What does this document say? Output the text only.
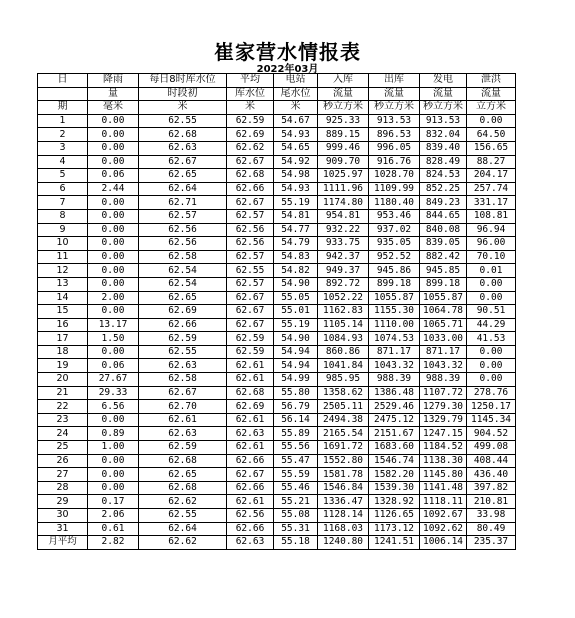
崔家营水情报表
2022年03月
日	降雨	每日8时库水位	平均	电站	入库	出库	发电	泄洪
	量	时段初	库水位	尾水位	流量	流量	流量	流量
期	毫米	米	米	米	秒立方米	秒立方米	秒立方米	立方米
1	0.00	62.55	62.59	54.67	925.33	913.53	913.53	0.00
2	0.00	62.68	62.69	54.93	889.15	896.53	832.04	64.50
3	0.00	62.63	62.62	54.65	999.46	996.05	839.40	156.65
4	0.00	62.67	62.67	54.92	909.70	916.76	828.49	88.27
5	0.06	62.65	62.68	54.98	1025.97	1028.70	824.53	204.17
6	2.44	62.64	62.66	54.93	1111.96	1109.99	852.25	257.74
7	0.00	62.71	62.67	55.19	1174.80	1180.40	849.23	331.17
8	0.00	62.57	62.57	54.81	954.81	953.46	844.65	108.81
9	0.00	62.56	62.56	54.77	932.22	937.02	840.08	96.94
10	0.00	62.56	62.56	54.79	933.75	935.05	839.05	96.00
11	0.00	62.58	62.57	54.83	942.37	952.52	882.42	70.10
12	0.00	62.54	62.55	54.82	949.37	945.86	945.85	0.01
13	0.00	62.54	62.57	54.90	892.72	899.18	899.18	0.00
14	2.00	62.65	62.67	55.05	1052.22	1055.87	1055.87	0.00
15	0.00	62.69	62.67	55.01	1162.83	1155.30	1064.78	90.51
16	13.17	62.66	62.67	55.19	1105.14	1110.00	1065.71	44.29
17	1.50	62.59	62.59	54.90	1084.93	1074.53	1033.00	41.53
18	0.00	62.55	62.59	54.94	860.86	871.17	871.17	0.00
19	0.06	62.63	62.61	54.94	1041.84	1043.32	1043.32	0.00
20	27.67	62.58	62.61	54.99	985.95	988.39	988.39	0.00
21	29.33	62.67	62.68	55.80	1358.62	1386.48	1107.72	278.76
22	6.56	62.70	62.69	56.79	2505.11	2529.46	1279.30	1250.17
23	0.00	62.61	62.61	56.14	2494.38	2475.12	1329.79	1145.34
24	0.89	62.63	62.63	55.89	2165.54	2151.67	1247.15	904.52
25	1.00	62.59	62.61	55.56	1691.72	1683.60	1184.52	499.08
26	0.00	62.68	62.66	55.47	1552.80	1546.74	1138.30	408.44
27	0.00	62.65	62.67	55.59	1581.78	1582.20	1145.80	436.40
28	0.00	62.68	62.66	55.46	1546.84	1539.30	1141.48	397.82
29	0.17	62.62	62.61	55.21	1336.47	1328.92	1118.11	210.81
30	2.06	62.55	62.56	55.08	1128.14	1126.65	1092.67	33.98
31	0.61	62.64	62.66	55.31	1168.03	1173.12	1092.62	80.49
月平均	2.82	62.62	62.63	55.18	1240.80	1241.51	1006.14	235.37
